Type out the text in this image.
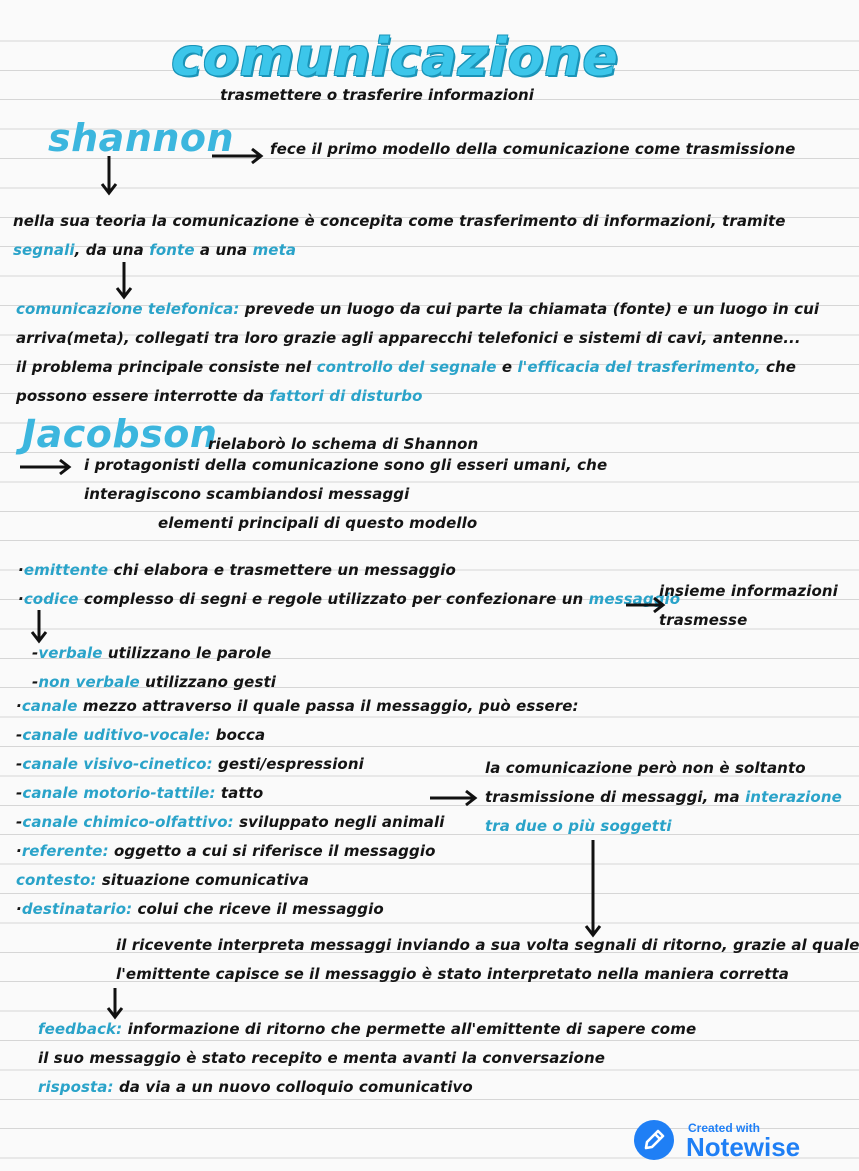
comunicazione
trasmettere o trasferire informazioni
shannon fece il primo modello della comunicazione come trasmissione
nella sua teoria la comunicazione è concepita come trasferimento di informazioni, tramite
segnali, da una fonte a una meta
comunicazione telefonica: prevede un luogo da cui parte la chiamata (fonte) e un luogo in cui
arriva(meta), collegati tra loro grazie agli apparecchi telefonici e sistemi di cavi, antenne...
il problema principale consiste nel controllo del segnale e l'efficacia del trasferimento, che
possono essere interrotte da fattori di disturbo
Jacobson
rielaborò lo schema di Shannon
i protagonisti della comunicazione sono gli esseri umani, che
interagiscono scambiandosi messaggi
elementi principali di questo modello
·emittente chi elabora e trasmettere un messaggio
·codice complesso di segni e regole utilizzato per confezionare un messaggio
insieme informazioni
trasmesse
-verbale utilizzano le parole
-non verbale utilizzano gesti
·canale mezzo attraverso il quale passa il messaggio, può essere:
-canale uditivo-vocale: bocca
-canale visivo-cinetico: gesti/espressioni
-canale motorio-tattile: tatto
-canale chimico-olfattivo: sviluppato negli animali
·referente: oggetto a cui si riferisce il messaggio
contesto: situazione comunicativa
·destinatario: colui che riceve il messaggio
la comunicazione però non è soltanto
trasmissione di messaggi, ma interazione
tra due o più soggetti
il ricevente interpreta messaggi inviando a sua volta segnali di ritorno, grazie al quale
l'emittente capisce se il messaggio è stato interpretato nella maniera corretta
feedback: informazione di ritorno che permette all'emittente di sapere come
il suo messaggio è stato recepito e menta avanti la conversazione
risposta: da via a un nuovo colloquio comunicativo
Created with
Notewise
